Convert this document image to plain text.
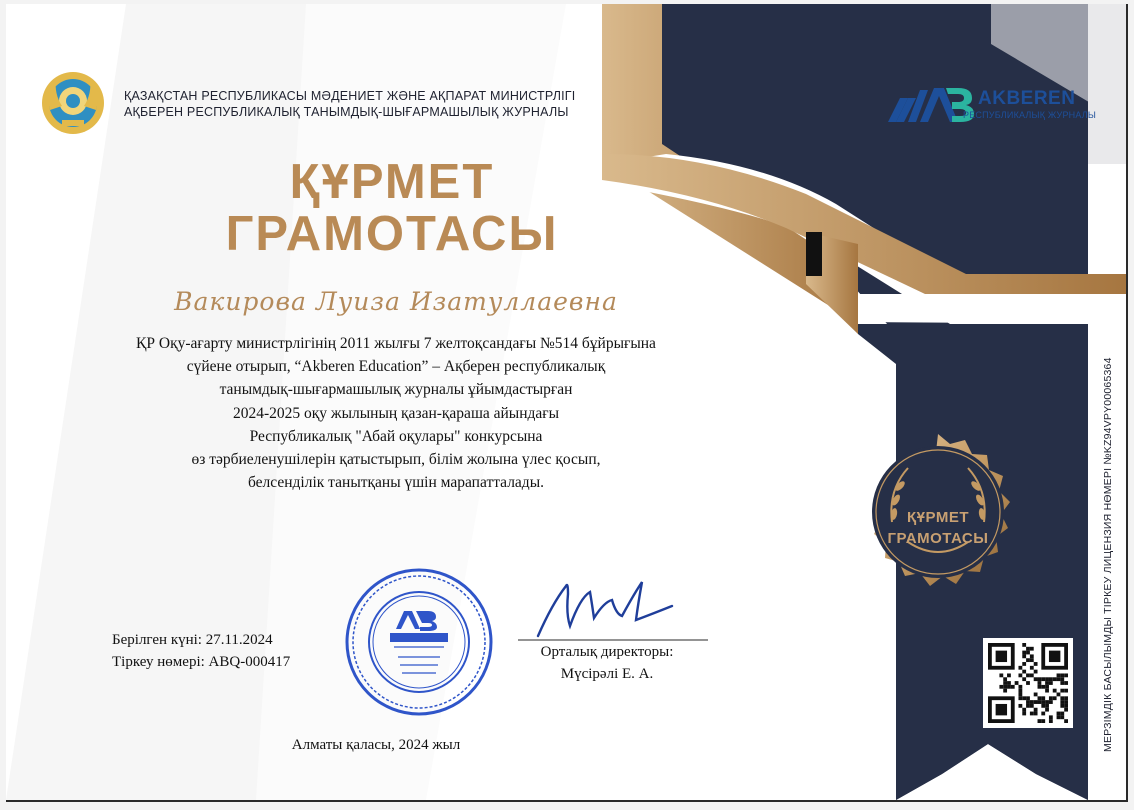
ҚАЗАҚСТАН РЕСПУБЛИКАСЫ МӘДЕНИЕТ ЖӘНЕ АҚПАРАТ МИНИСТРЛІГІ
АҚБЕРЕН РЕСПУБЛИКАЛЫҚ ТАНЫМДЫҚ-ШЫҒАРМАШЫЛЫҚ ЖУРНАЛЫ
AKBEREN
РЕСПУБЛИКАЛЫҚ ЖУРНАЛЫ
ҚҰРМЕТ
ГРАМОТАСЫ
Вакирова Луиза Изатуллаевна
ҚР Оқу-ағарту министрлігінің 2011 жылғы 7 желтоқсандағы №514 бұйрығына
сүйене отырып, “Akberen Education” – Ақберен республикалық
танымдық-шығармашылық журналы ұйымдастырған
2024-2025 оқу жылының қазан-қараша айындағы
Республикалық "Абай оқулары" конкурсына
өз тәрбиеленушілерін қатыстырып, білім жолына үлес қосып,
белсенділік танытқаны үшін марапатталады.
Берілген күні: 27.11.2024
Тіркеу нөмері: ABQ-000417
Орталық директоры:
Мүсірәлі Е. А.
Алматы қаласы, 2024 жыл
ҚҰРМЕТ
ГРАМОТАСЫ	МЕРЗІМДІК БАСЫЛЫМДЫ ТІРКЕУ ЛИЦЕНЗИЯ НӨМЕРІ №KZ94VPY00065364
